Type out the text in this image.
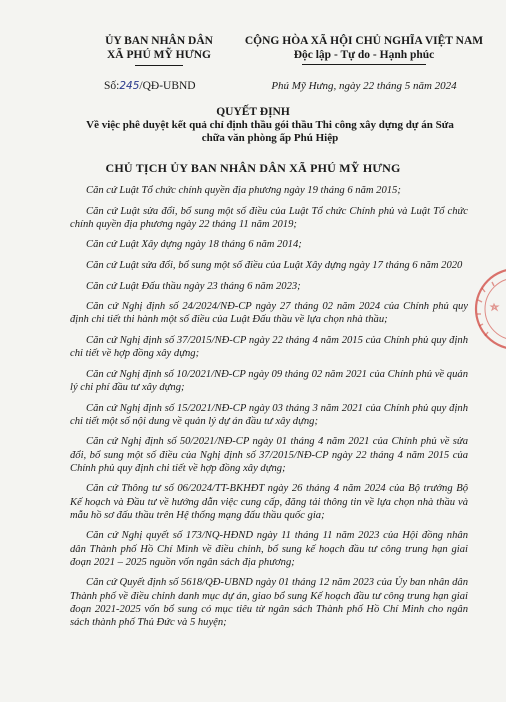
ỦY BAN NHÂN DÂN
XÃ PHÚ MỸ HƯNG
CỘNG HÒA XÃ HỘI CHỦ NGHĨA VIỆT NAM
Độc lập - Tự do - Hạnh phúc
Số:245/QĐ-UBND	Phú Mỹ Hưng, ngày 22 tháng 5 năm 2024
QUYẾT ĐỊNH
Về việc phê duyệt kết quả chỉ định thầu gói thầu Thi công xây dựng dự án Sửa
chữa văn phòng ấp Phú Hiệp
CHỦ TỊCH ỦY BAN NHÂN DÂN XÃ PHÚ MỸ HƯNG

Căn cứ Luật Tổ chức chính quyền địa phương ngày 19 tháng 6 năm 2015;

Căn cứ Luật sửa đổi, bổ sung một số điều của Luật Tổ chức Chính phủ và Luật Tổ chức chính quyền địa phương ngày 22 tháng 11 năm 2019;

Căn cứ Luật Xây dựng ngày 18 tháng 6 năm 2014;

Căn cứ Luật sửa đổi, bổ sung một số điều của Luật Xây dựng ngày 17 tháng 6 năm 2020

Căn cứ Luật Đấu thầu ngày 23 tháng 6 năm 2023;

Căn cứ Nghị định số 24/2024/NĐ-CP ngày 27 tháng 02 năm 2024 của Chính phủ quy định chi tiết thi hành một số điều của Luật Đấu thầu về lựa chọn nhà thầu;

Căn cứ Nghị định số 37/2015/NĐ-CP ngày 22 tháng 4 năm 2015 của Chính phủ quy định chi tiết về hợp đồng xây dựng;

Căn cứ Nghị định số 10/2021/NĐ-CP ngày 09 tháng 02 năm 2021 của Chính phủ về quản lý chi phí đầu tư xây dựng;

Căn cứ Nghị định số 15/2021/NĐ-CP ngày 03 tháng 3 năm 2021 của Chính phủ quy định chi tiết một số nội dung về quản lý dự án đầu tư xây dựng;

Căn cứ Nghị định số 50/2021/NĐ-CP ngày 01 tháng 4 năm 2021 của Chính phủ về sửa đổi, bổ sung một số điều của Nghị định số 37/2015/NĐ-CP ngày 22 tháng 4 năm 2015 của Chính phủ quy định chi tiết về hợp đồng xây dựng;

Căn cứ Thông tư số 06/2024/TT-BKHĐT ngày 26 tháng 4 năm 2024 của Bộ trưởng Bộ Kế hoạch và Đầu tư về hướng dẫn việc cung cấp, đăng tải thông tin về lựa chọn nhà thầu và mẫu hồ sơ đấu thầu trên Hệ thống mạng đấu thầu quốc gia;

Căn cứ Nghị quyết số 173/NQ-HĐND ngày 11 tháng 11 năm 2023 của Hội đồng nhân dân Thành phố Hồ Chí Minh về điều chỉnh, bổ sung kế hoạch đầu tư công trung hạn giai đoạn 2021 – 2025 nguồn vốn ngân sách địa phương;

Căn cứ Quyết định số 5618/QĐ-UBND ngày 01 tháng 12 năm 2023 của Ủy ban nhân dân Thành phố về điều chỉnh danh mục dự án, giao bổ sung Kế hoạch đầu tư công trung hạn giai đoạn 2021-2025 vốn bổ sung có mục tiêu từ ngân sách Thành phố Hồ Chí Minh cho ngân sách thành phố Thủ Đức và 5 huyện;
